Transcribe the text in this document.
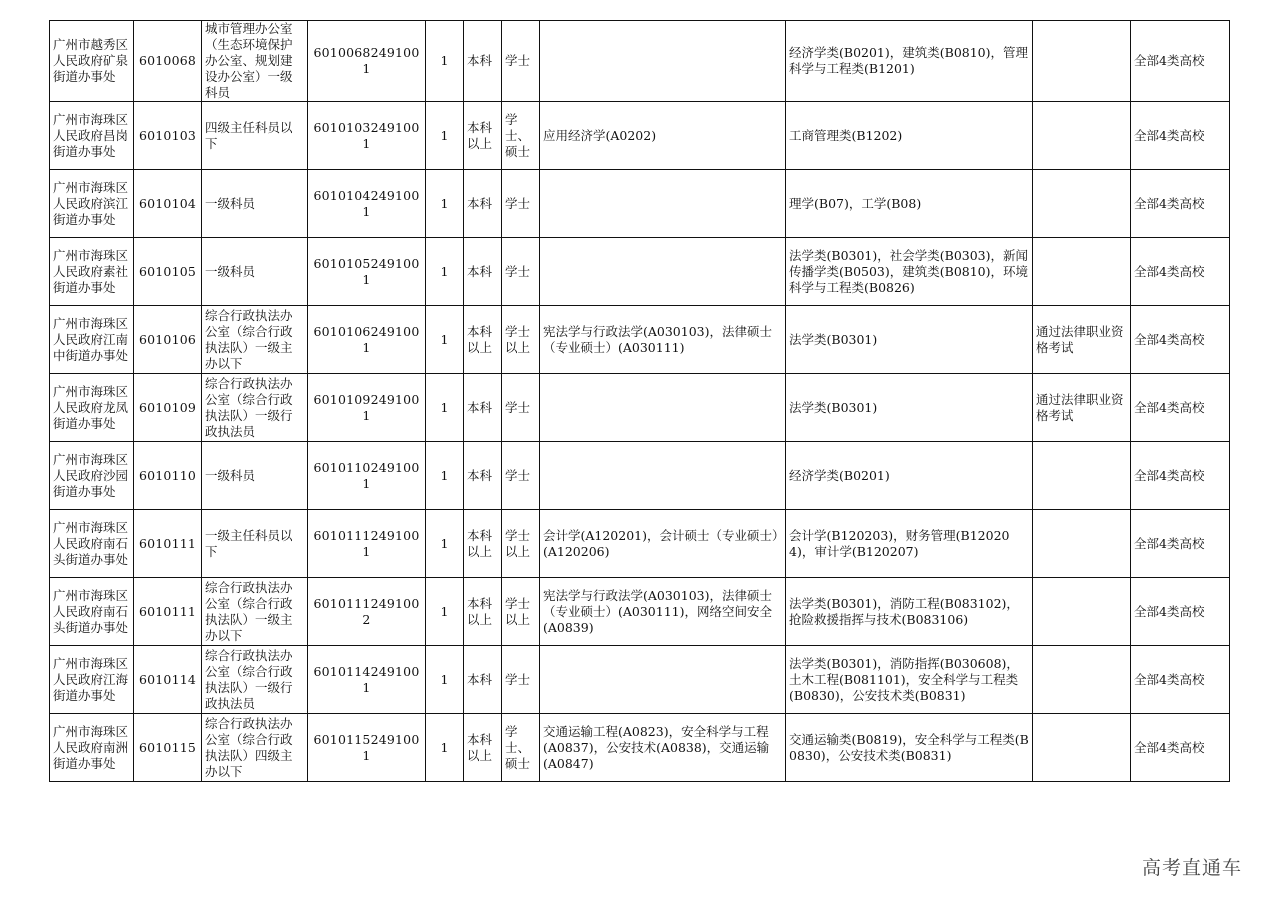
广州市越秀区人民政府矿泉街道办事处	6010068	城市管理办公室（生态环境保护办公室、规划建设办公室）一级科员	60100682491001	1	本科	学士		经济学类(B0201)，建筑类(B0810)，管理科学与工程类(B1201)		全部4类高校
广州市海珠区人民政府昌岗街道办事处	6010103	四级主任科员以下	60101032491001	1	本科以上	学士、硕士	应用经济学(A0202)	工商管理类(B1202)		全部4类高校
广州市海珠区人民政府滨江街道办事处	6010104	一级科员	60101042491001	1	本科	学士		理学(B07)，工学(B08)		全部4类高校
广州市海珠区人民政府素社街道办事处	6010105	一级科员	60101052491001	1	本科	学士		法学类(B0301)，社会学类(B0303)，新闻传播学类(B0503)，建筑类(B0810)，环境科学与工程类(B0826)		全部4类高校
广州市海珠区人民政府江南中街道办事处	6010106	综合行政执法办公室（综合行政执法队）一级主办以下	60101062491001	1	本科以上	学士以上	宪法学与行政法学(A030103)，法律硕士（专业硕士）(A030111)	法学类(B0301)	通过法律职业资格考试	全部4类高校
广州市海珠区人民政府龙凤街道办事处	6010109	综合行政执法办公室（综合行政执法队）一级行政执法员	60101092491001	1	本科	学士		法学类(B0301)	通过法律职业资格考试	全部4类高校
广州市海珠区人民政府沙园街道办事处	6010110	一级科员	60101102491001	1	本科	学士		经济学类(B0201)		全部4类高校
广州市海珠区人民政府南石头街道办事处	6010111	一级主任科员以下	60101112491001	1	本科以上	学士以上	会计学(A120201)，会计硕士（专业硕士）(A120206)	会计学(B120203)，财务管理(B120204)，审计学(B120207)		全部4类高校
广州市海珠区人民政府南石头街道办事处	6010111	综合行政执法办公室（综合行政执法队）一级主办以下	60101112491002	1	本科以上	学士以上	宪法学与行政法学(A030103)，法律硕士（专业硕士）(A030111)，网络空间安全(A0839)	法学类(B0301)，消防工程(B083102)，抢险救援指挥与技术(B083106)		全部4类高校
广州市海珠区人民政府江海街道办事处	6010114	综合行政执法办公室（综合行政执法队）一级行政执法员	60101142491001	1	本科	学士		法学类(B0301)，消防指挥(B030608)，土木工程(B081101)，安全科学与工程类(B0830)，公安技术类(B0831)		全部4类高校
广州市海珠区人民政府南洲街道办事处	6010115	综合行政执法办公室（综合行政执法队）四级主办以下	60101152491001	1	本科以上	学士、硕士	交通运输工程(A0823)，安全科学与工程(A0837)，公安技术(A0838)，交通运输(A0847)	交通运输类(B0819)，安全科学与工程类(B0830)，公安技术类(B0831)		全部4类高校
高考直通车
